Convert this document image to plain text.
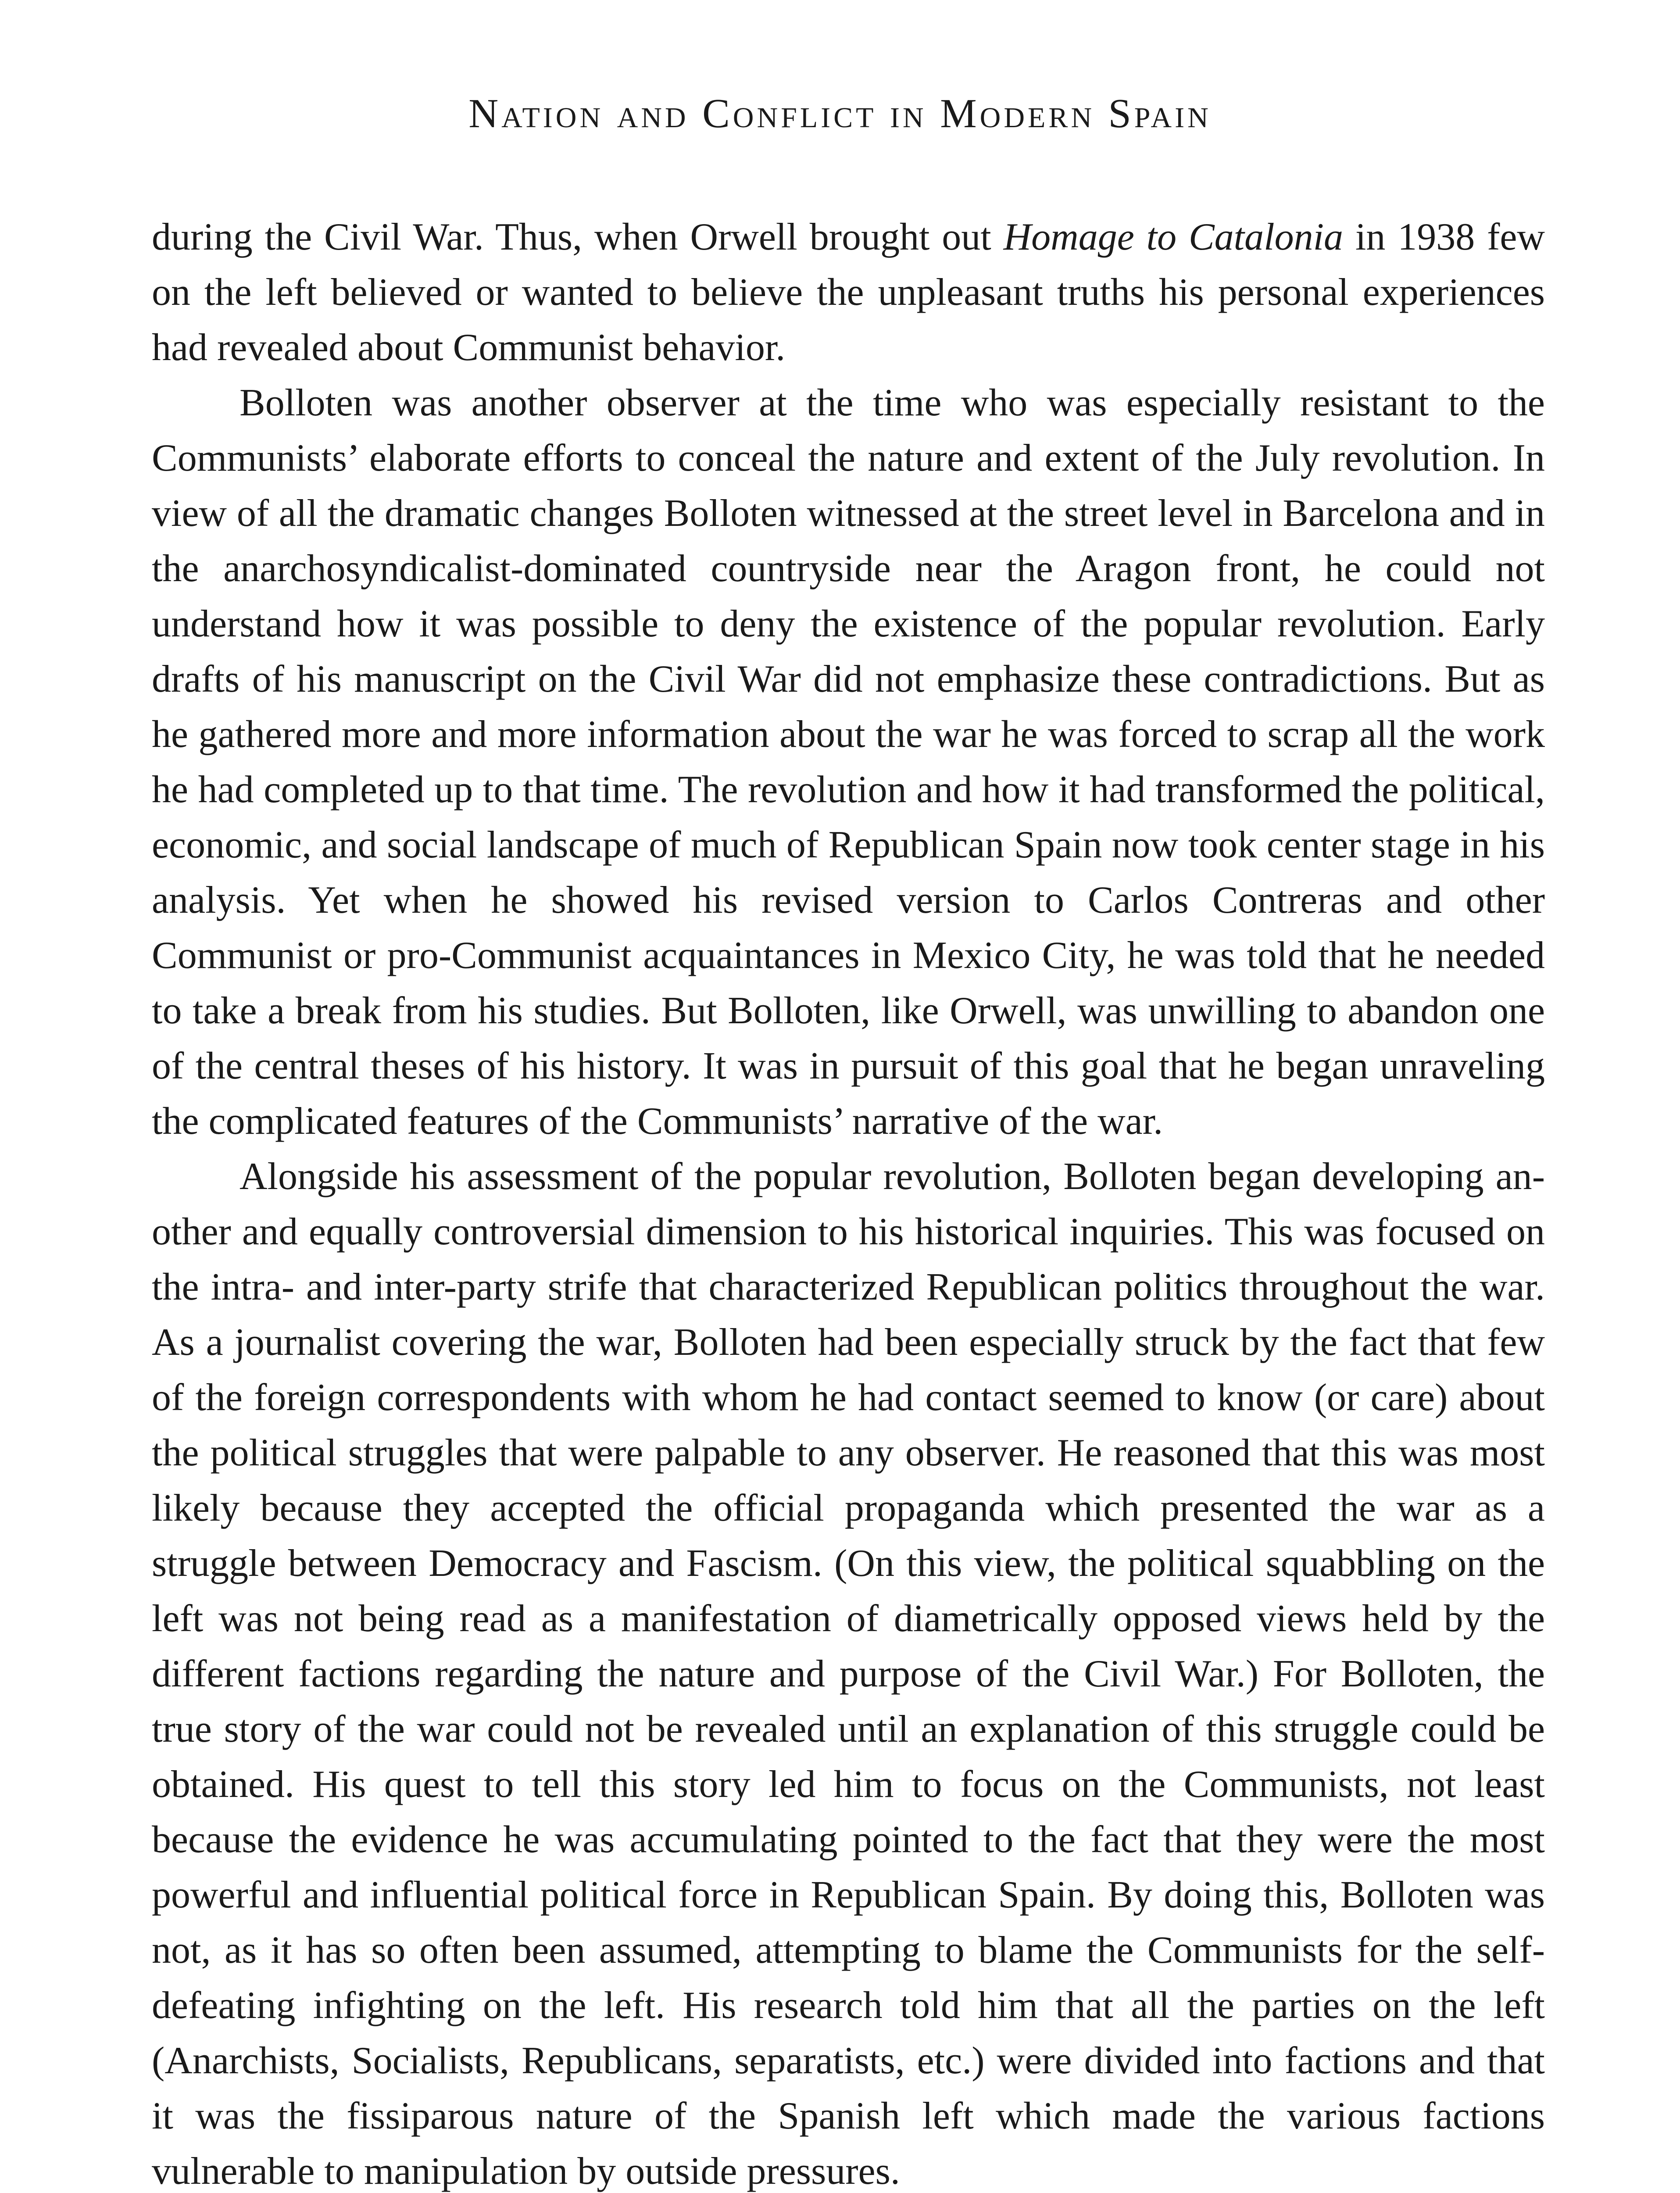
Nation and Conflict in Modern Spain

during the Civil War. Thus, when Orwell brought out Homage to Catalonia in 1938 few on the left believed or wanted to believe the unpleasant truths his personal experiences had revealed about Communist behavior.

Bolloten was another observer at the time who was especially resistant to the Communists’ elaborate efforts to conceal the nature and extent of the July revolution. In view of all the dramatic changes Bolloten witnessed at the street level in Barcelona and in the anarchosyndicalist-dominated countryside near the Aragon front, he could not understand how it was possible to deny the existence of the popular revolution. Early drafts of his manuscript on the Civil War did not emphasize these contradictions. But as he gathered more and more information about the war he was forced to scrap all the work he had completed up to that time. The revolution and how it had transformed the political, economic, and social landscape of much of Republican Spain now took center stage in his analysis. Yet when he showed his revised version to Carlos Contreras and other Communist or pro-Communist acquaintances in Mexico City, he was told that he needed to take a break from his studies. But Bolloten, like Orwell, was unwilling to abandon one of the central theses of his history. It was in pursuit of this goal that he began unraveling the complicated features of the Communists’ narrative of the war.

Alongside his assessment of the popular revolution, Bolloten began developing another and equally controversial dimension to his historical inquiries. This was focused on the intra- and inter-party strife that characterized Republican politics throughout the war. As a journalist covering the war, Bolloten had been especially struck by the fact that few of the foreign correspondents with whom he had contact seemed to know (or care) about the political struggles that were palpable to any observer. He reasoned that this was most likely because they accepted the official propaganda which presented the war as a struggle between Democracy and Fascism. (On this view, the political squabbling on the left was not being read as a manifestation of diametrically opposed views held by the different factions regarding the nature and purpose of the Civil War.) For Bolloten, the true story of the war could not be revealed until an explanation of this struggle could be obtained. His quest to tell this story led him to focus on the Communists, not least because the evidence he was accumulating pointed to the fact that they were the most powerful and influential political force in Republican Spain. By doing this, Bolloten was not, as it has so often been assumed, attempting to blame the Communists for the self-defeating infighting on the left. His research told him that all the parties on the left (Anarchists, Socialists, Republicans, separatists, etc.) were divided into factions and that it was the fissiparous nature of the Spanish left which made the various factions vulnerable to manipulation by outside pressures.
